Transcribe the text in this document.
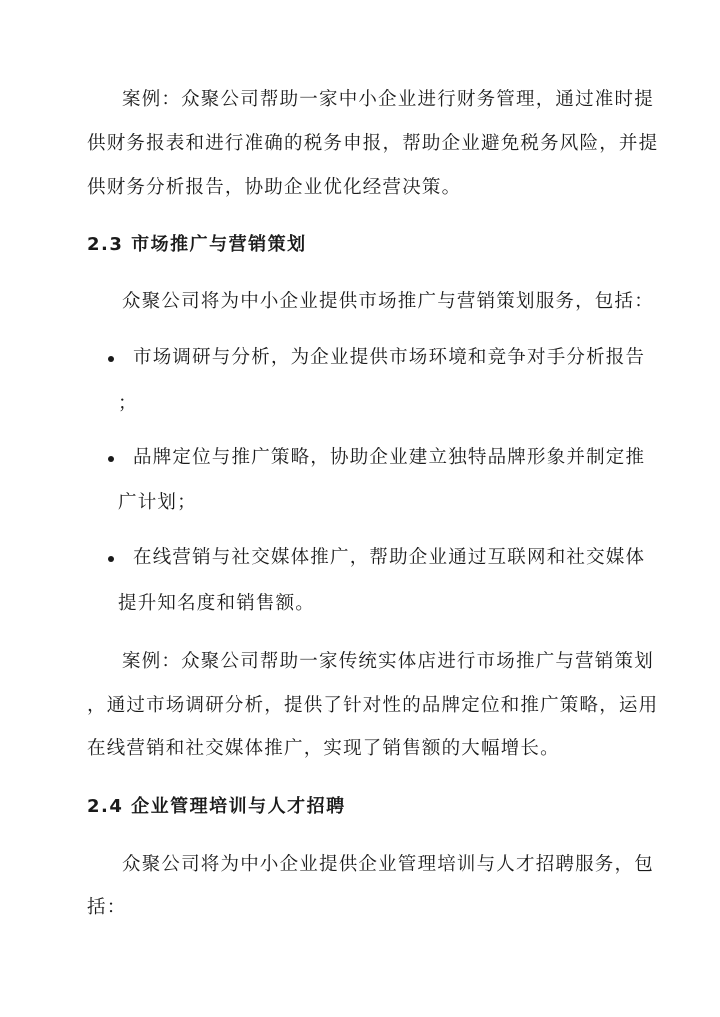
案例：众聚公司帮助一家中小企业进行财务管理，通过准时提
供财务报表和进行准确的税务申报，帮助企业避免税务风险，并提
供财务分析报告，协助企业优化经营决策。
2.3 市场推广与营销策划
众聚公司将为中小企业提供市场推广与营销策划服务，包括：
市场调研与分析，为企业提供市场环境和竞争对手分析报告
；
品牌定位与推广策略，协助企业建立独特品牌形象并制定推
广计划；
在线营销与社交媒体推广，帮助企业通过互联网和社交媒体
提升知名度和销售额。
案例：众聚公司帮助一家传统实体店进行市场推广与营销策划
，通过市场调研分析，提供了针对性的品牌定位和推广策略，运用
在线营销和社交媒体推广，实现了销售额的大幅增长。
2.4 企业管理培训与人才招聘
众聚公司将为中小企业提供企业管理培训与人才招聘服务，包
括：
